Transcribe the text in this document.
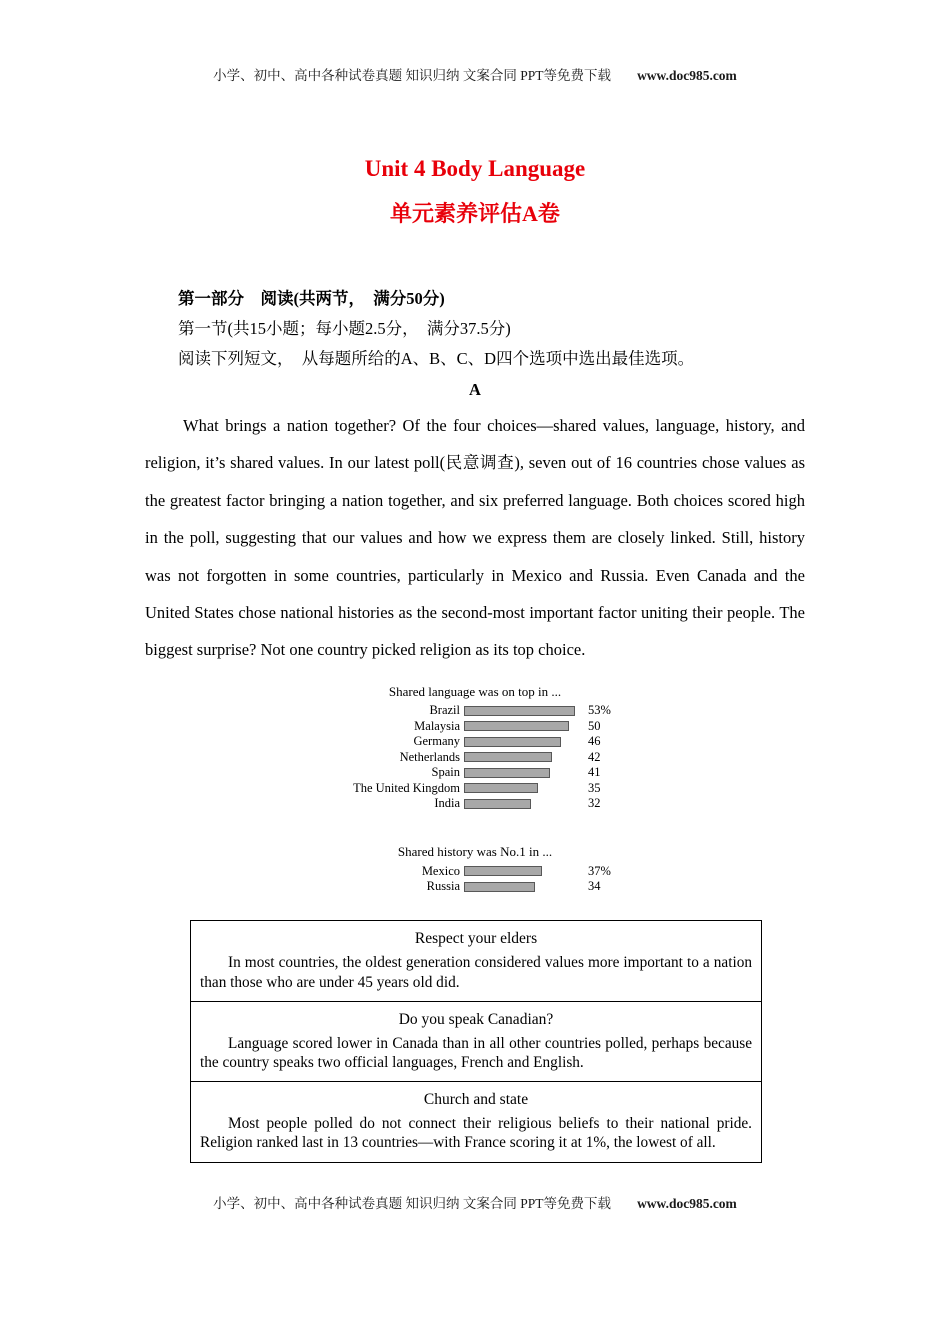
小学、初中、高中各种试卷真题 知识归纳 文案合同 PPT等免费下载 www.doc985.com
Unit 4 Body Language
单元素养评估A卷

第一部分　阅读(共两节，　满分50分)

第一节(共15小题；每小题2.5分，　满分37.5分)

阅读下列短文，　从每题所给的A、B、C、D四个选项中选出最佳选项。

A

What brings a nation together? Of the four choices—shared values, language, history, and religion, it’s shared values. In our latest poll(民意调查), seven out of 16 countries chose values as the greatest factor bringing a nation together, and six preferred language. Both choices scored high in the poll, suggesting that our values and how we express them are closely linked. Still, history was not forgotten in some countries, particularly in Mexico and Russia. Even Canada and the United States chose national histories as the second-most important factor uniting their people. The biggest surprise? Not one country picked religion as its top choice.

Shared language was on top in ...
Brazil	53%
Malaysia	50
Germany	46
Netherlands	42
Spain	41
The United Kingdom	35
India	32
Shared history was No.1 in ...
Mexico	37%
Russia	34
Respect your elders
In most countries, the oldest generation considered values more important to a nation than those who are under 45 years old did.
Do you speak Canadian?
Language scored lower in Canada than in all other countries polled, perhaps because the country speaks two official languages, French and English.
Church and state
Most people polled do not connect their religious beliefs to their national pride. Religion ranked last in 13 countries—with France scoring it at 1%, the lowest of all.
小学、初中、高中各种试卷真题 知识归纳 文案合同 PPT等免费下载 www.doc985.com
